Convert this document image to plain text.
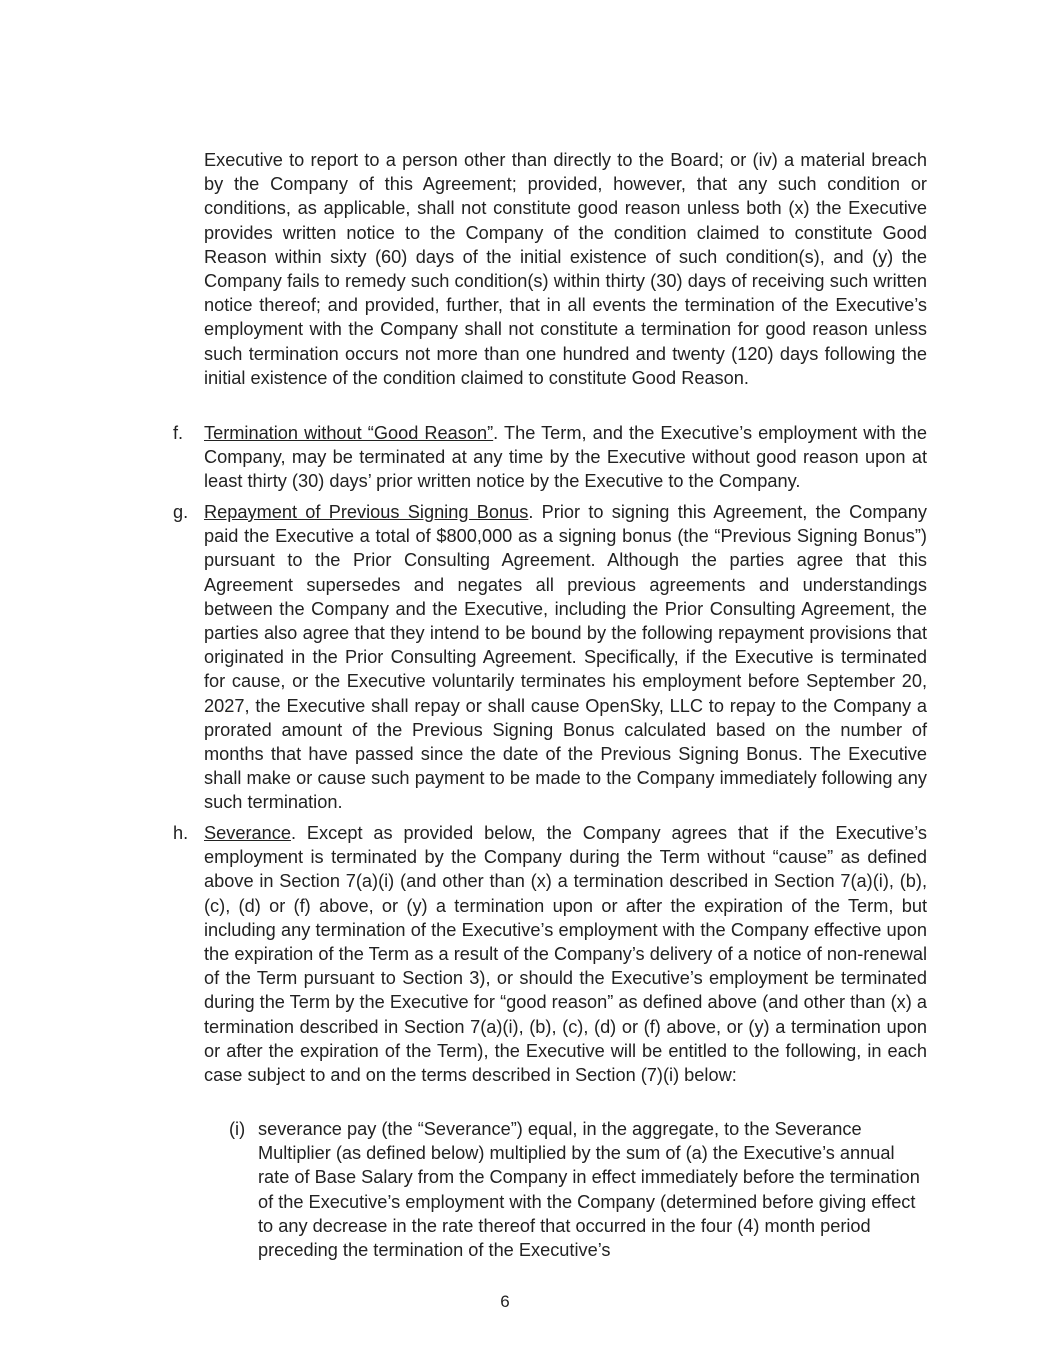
Executive to report to a person other than directly to the Board; or (iv) a material breach by the Company of this Agreement; provided, however, that any such condition or conditions, as applicable, shall not constitute good reason unless both (x) the Executive provides written notice to the Company of the condition claimed to constitute Good Reason within sixty (60) days of the initial existence of such condition(s), and (y) the Company fails to remedy such condition(s) within thirty (30) days of receiving such written notice thereof; and provided, further, that in all events the termination of the Executive’s employment with the Company shall not constitute a termination for good reason unless such termination occurs not more than one hundred and twenty (120) days following the initial existence of the condition claimed to constitute Good Reason.

f. Termination without “Good Reason”. The Term, and the Executive’s employment with the Company, may be terminated at any time by the Executive without good reason upon at least thirty (30) days’ prior written notice by the Executive to the Company.

g. Repayment of Previous Signing Bonus. Prior to signing this Agreement, the Company paid the Executive a total of $800,000 as a signing bonus (the “Previous Signing Bonus”) pursuant to the Prior Consulting Agreement. Although the parties agree that this Agreement supersedes and negates all previous agreements and understandings between the Company and the Executive, including the Prior Consulting Agreement, the parties also agree that they intend to be bound by the following repayment provisions that originated in the Prior Consulting Agreement. Specifically, if the Executive is terminated for cause, or the Executive voluntarily terminates his employment before September 20, 2027, the Executive shall repay or shall cause OpenSky, LLC to repay to the Company a prorated amount of the Previous Signing Bonus calculated based on the number of months that have passed since the date of the Previous Signing Bonus. The Executive shall make or cause such payment to be made to the Company immediately following any such termination.

h. Severance. Except as provided below, the Company agrees that if the Executive’s employment is terminated by the Company during the Term without “cause” as defined above in Section 7(a)(i) (and other than (x) a termination described in Section 7(a)(i), (b), (c), (d) or (f) above, or (y) a termination upon or after the expiration of the Term, but including any termination of the Executive’s employment with the Company effective upon the expiration of the Term as a result of the Company’s delivery of a notice of non-renewal of the Term pursuant to Section 3), or should the Executive’s employment be terminated during the Term by the Executive for “good reason” as defined above (and other than (x) a termination described in Section 7(a)(i), (b), (c), (d) or (f) above, or (y) a termination upon or after the expiration of the Term), the Executive will be entitled to the following, in each case subject to and on the terms described in Section (7)(i) below:

(i) severance pay (the “Severance”) equal, in the aggregate, to the Severance Multiplier (as defined below) multiplied by the sum of (a) the Executive’s annual rate of Base Salary from the Company in effect immediately before the termination of the Executive’s employment with the Company (determined before giving effect to any decrease in the rate thereof that occurred in the four (4) month period preceding the termination of the Executive’s

6
